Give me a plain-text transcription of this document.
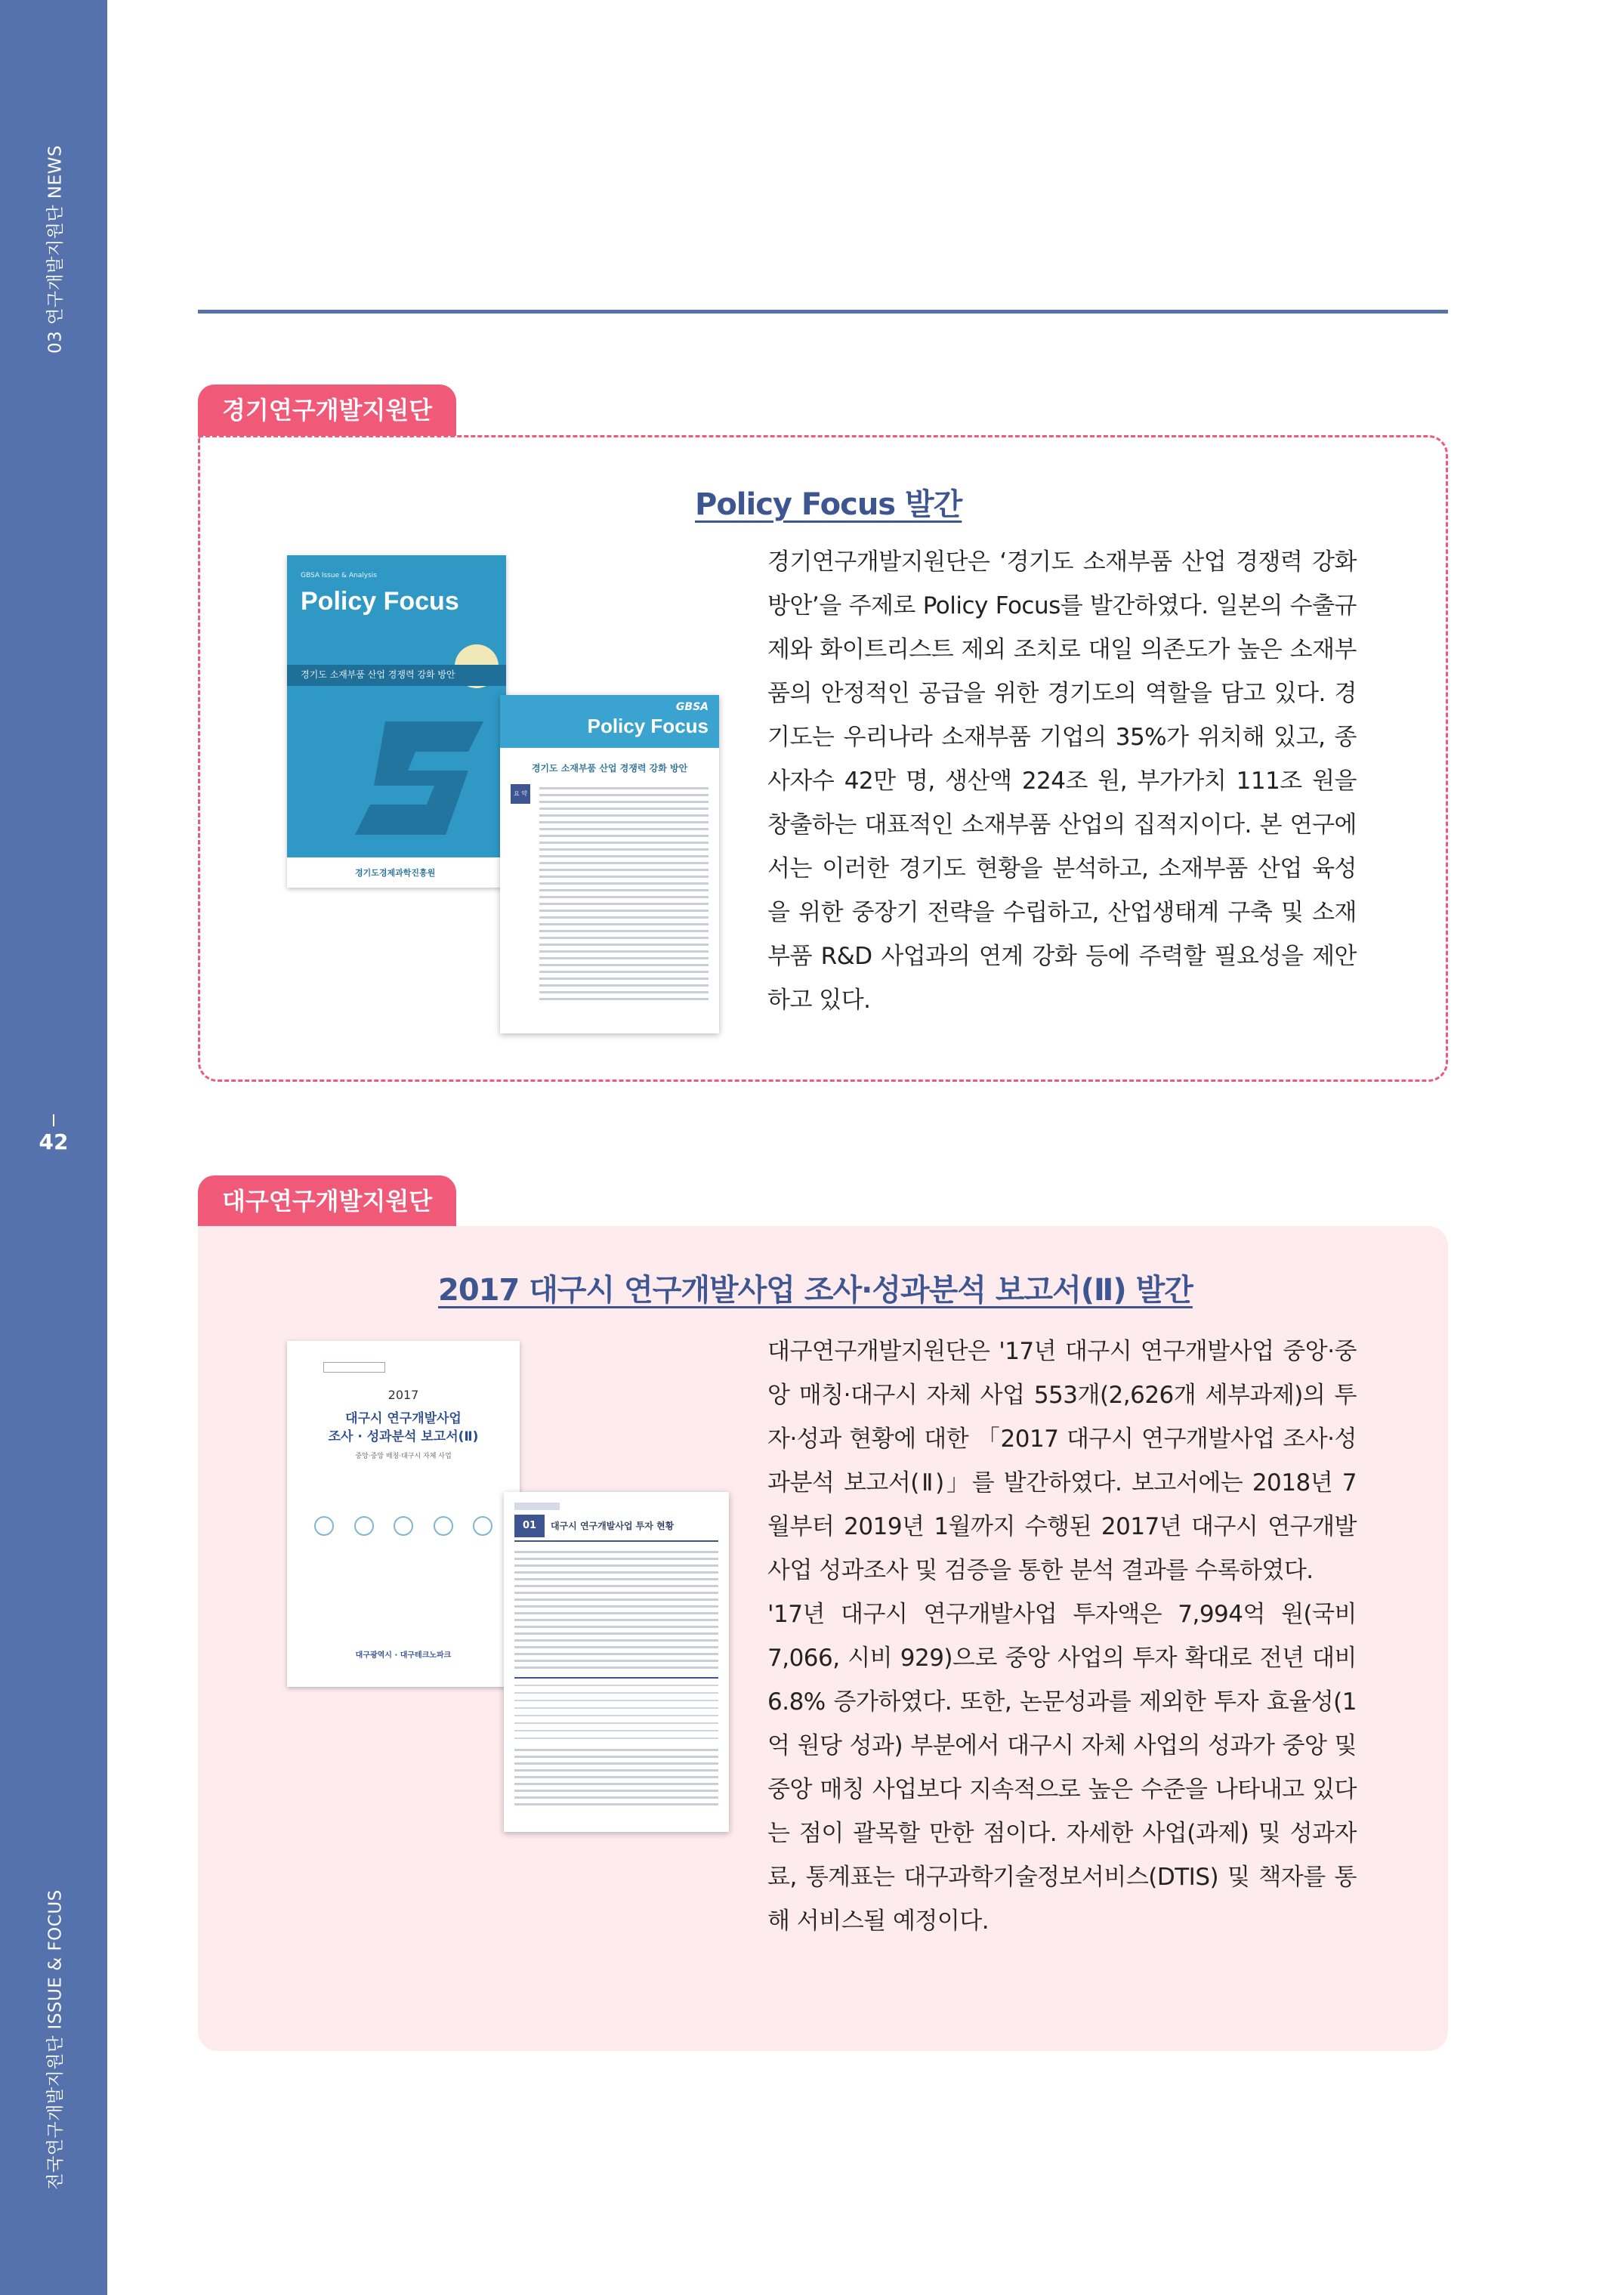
03 연구개발지원단 NEWS
42
전국연구개발지원단 ISSUE & FOCUS
경기연구개발지원단
Policy Focus 발간
GBSA Issue & Analysis
Policy Focus
경기도 소재부품 산업 경쟁력 강화 방안
경기도경제과학진흥원
GBSA
Policy Focus
경기도 소재부품 산업 경쟁력 강화 방안
요 약
경기연구개발지원단은 ‘경기도 소재부품 산업 경쟁력 강화 방안’을 주제로 Policy Focus를 발간하였다. 일본의 수출규제와 화이트리스트 제외 조치로 대일 의존도가 높은 소재부품의 안정적인 공급을 위한 경기도의 역할을 담고 있다. 경기도는 우리나라 소재부품 기업의 35%가 위치해 있고, 종사자수 42만 명, 생산액 224조 원, 부가가치 111조 원을 창출하는 대표적인 소재부품 산업의 집적지이다. 본 연구에서는 이러한 경기도 현황을 분석하고, 소재부품 산업 육성을 위한 중장기 전략을 수립하고, 산업생태계 구축 및 소재부품 R&D 사업과의 연계 강화 등에 주력할 필요성을 제안하고 있다.
대구연구개발지원단
2017 대구시 연구개발사업 조사·성과분석 보고서(Ⅱ) 발간
2017
대구시 연구개발사업
조사 · 성과분석 보고서(Ⅱ)
중앙·중앙 매칭·대구시 자체 사업
대구광역시 · 대구테크노파크
01	대구시 연구개발사업 투자 현황

대구연구개발지원단은 '17년 대구시 연구개발사업 중앙·중앙 매칭·대구시 자체 사업 553개(2,626개 세부과제)의 투자·성과 현황에 대한 「2017 대구시 연구개발사업 조사·성과분석 보고서(Ⅱ)」를 발간하였다. 보고서에는 2018년 7월부터 2019년 1월까지 수행된 2017년 대구시 연구개발사업 성과조사 및 검증을 통한 분석 결과를 수록하였다.

'17년 대구시 연구개발사업 투자액은 7,994억 원(국비 7,066, 시비 929)으로 중앙 사업의 투자 확대로 전년 대비 6.8% 증가하였다. 또한, 논문성과를 제외한 투자 효율성(1억 원당 성과) 부분에서 대구시 자체 사업의 성과가 중앙 및 중앙 매칭 사업보다 지속적으로 높은 수준을 나타내고 있다는 점이 괄목할 만한 점이다. 자세한 사업(과제) 및 성과자료, 통계표는 대구과학기술정보서비스(DTIS) 및 책자를 통해 서비스될 예정이다.
